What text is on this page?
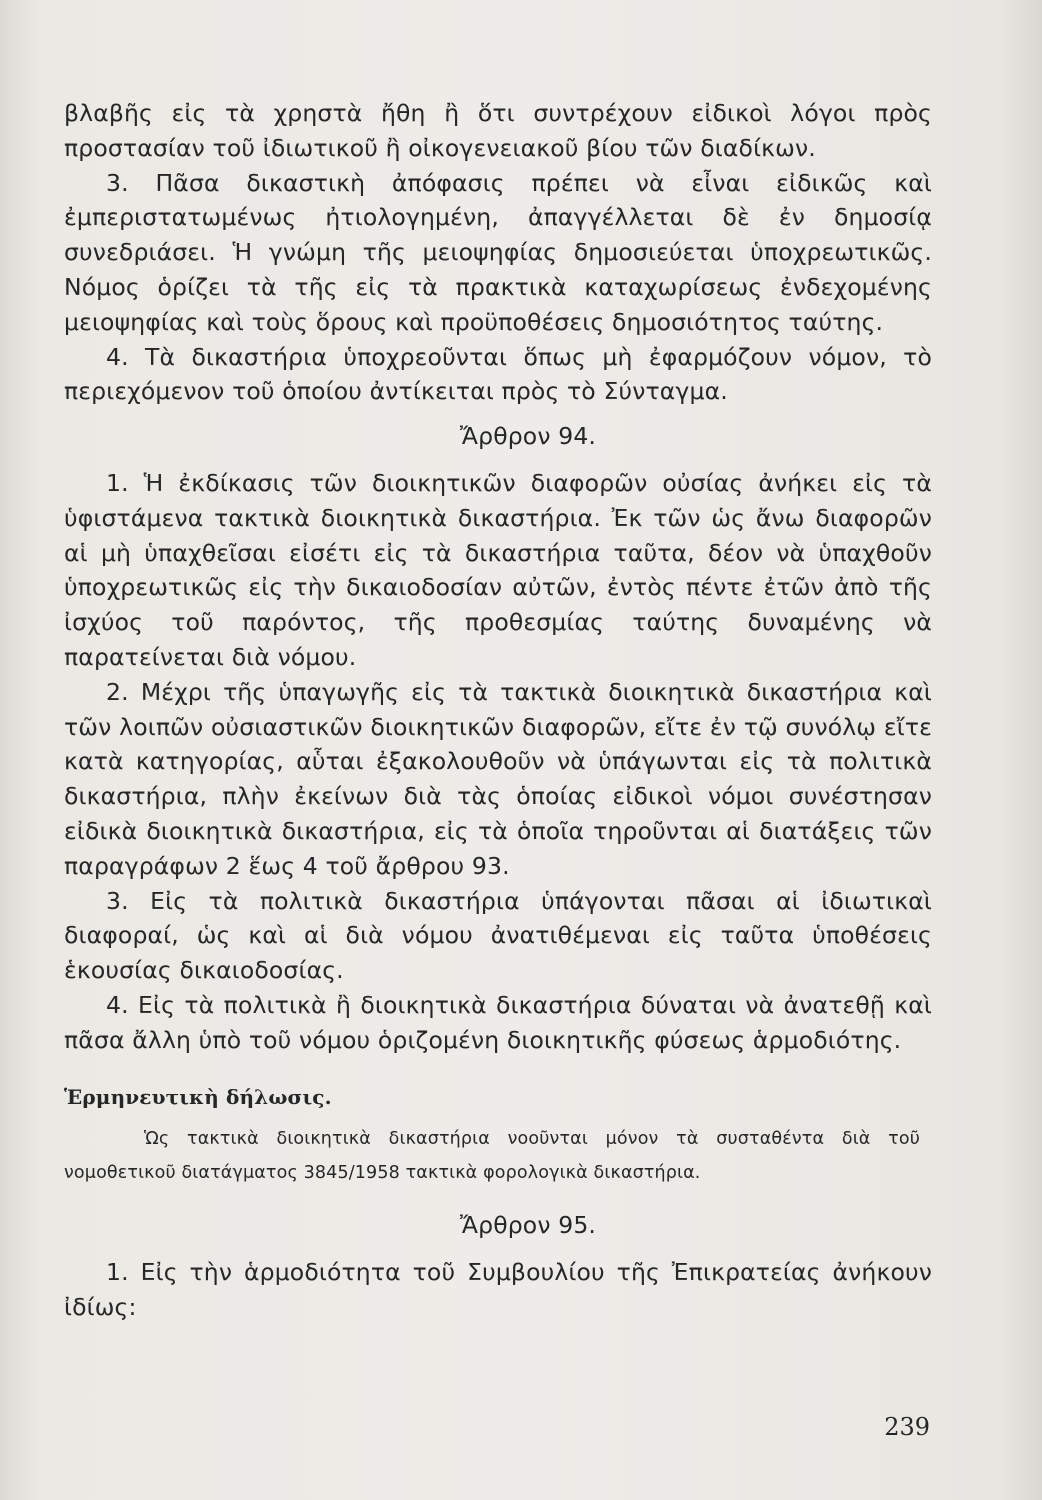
βλαβῆς εἰς τὰ χρηστὰ ἤθη ἢ ὅτι συντρέχουν εἰδικοὶ λόγοι πρὸς προστασίαν τοῦ ἰδιωτικοῦ ἢ οἰκογενειακοῦ βίου τῶν διαδίκων.

3. Πᾶσα δικαστικὴ ἀπόφασις πρέπει νὰ εἶναι εἰδικῶς καὶ ἐμπεριστατωμένως ἠτιολογημένη, ἀπαγγέλλεται δὲ ἐν δημοσίᾳ συνεδριάσει. Ἡ γνώμη τῆς μειοψηφίας δημοσιεύεται ὑποχρεωτικῶς. Νόμος ὁρίζει τὰ τῆς εἰς τὰ πρακτικὰ καταχωρίσεως ἐνδεχομένης μειοψηφίας καὶ τοὺς ὅρους καὶ προϋποθέσεις δημοσιότητος ταύτης.

4. Τὰ δικαστήρια ὑποχρεοῦνται ὅπως μὴ ἐφαρμόζουν νόμον, τὸ περιεχόμενον τοῦ ὁποίου ἀντίκειται πρὸς τὸ Σύνταγμα.

Ἄρθρον 94.

1. Ἡ ἐκδίκασις τῶν διοικητικῶν διαφορῶν οὐσίας ἀνήκει εἰς τὰ ὑφιστάμενα τακτικὰ διοικητικὰ δικαστήρια. Ἐκ τῶν ὡς ἄνω διαφορῶν αἱ μὴ ὑπαχθεῖσαι εἰσέτι εἰς τὰ δικαστήρια ταῦτα, δέον νὰ ὑπαχθοῦν ὑποχρεωτικῶς εἰς τὴν δικαιοδοσίαν αὐτῶν, ἐντὸς πέντε ἐτῶν ἀπὸ τῆς ἰσχύος τοῦ παρόντος, τῆς προθεσμίας ταύτης δυναμένης νὰ παρατείνεται διὰ νόμου.

2. Μέχρι τῆς ὑπαγωγῆς εἰς τὰ τακτικὰ διοικητικὰ δικαστήρια καὶ τῶν λοιπῶν οὐσιαστικῶν διοικητικῶν διαφορῶν, εἴτε ἐν τῷ συνόλῳ εἴτε κατὰ κατηγορίας, αὗται ἐξακολουθοῦν νὰ ὑπάγωνται εἰς τὰ πολιτικὰ δικαστήρια, πλὴν ἐκείνων διὰ τὰς ὁποίας εἰδικοὶ νόμοι συνέστησαν εἰδικὰ διοικητικὰ δικαστήρια, εἰς τὰ ὁποῖα τηροῦνται αἱ διατάξεις τῶν παραγράφων 2 ἕως 4 τοῦ ἄρθρου 93.

3. Εἰς τὰ πολιτικὰ δικαστήρια ὑπάγονται πᾶσαι αἱ ἰδιωτικαὶ διαφοραί, ὡς καὶ αἱ διὰ νόμου ἀνατιθέμεναι εἰς ταῦτα ὑποθέσεις ἑκουσίας δικαιοδοσίας.

4. Εἰς τὰ πολιτικὰ ἢ διοικητικὰ δικαστήρια δύναται νὰ ἀνατεθῇ καὶ πᾶσα ἄλλη ὑπὸ τοῦ νόμου ὁριζομένη διοικητικῆς φύσεως ἁρμοδιότης.

Ἑρμηνευτικὴ δήλωσις.

Ὡς τακτικὰ διοικητικὰ δικαστήρια νοοῦνται μόνον τὰ συσταθέντα διὰ τοῦ νομοθετικοῦ διατάγματος 3845/1958 τακτικὰ φορολογικὰ δικαστήρια.

Ἄρθρον 95.

1. Εἰς τὴν ἁρμοδιότητα τοῦ Συμβουλίου τῆς Ἐπικρατείας ἀνήκουν ἰδίως:

239
